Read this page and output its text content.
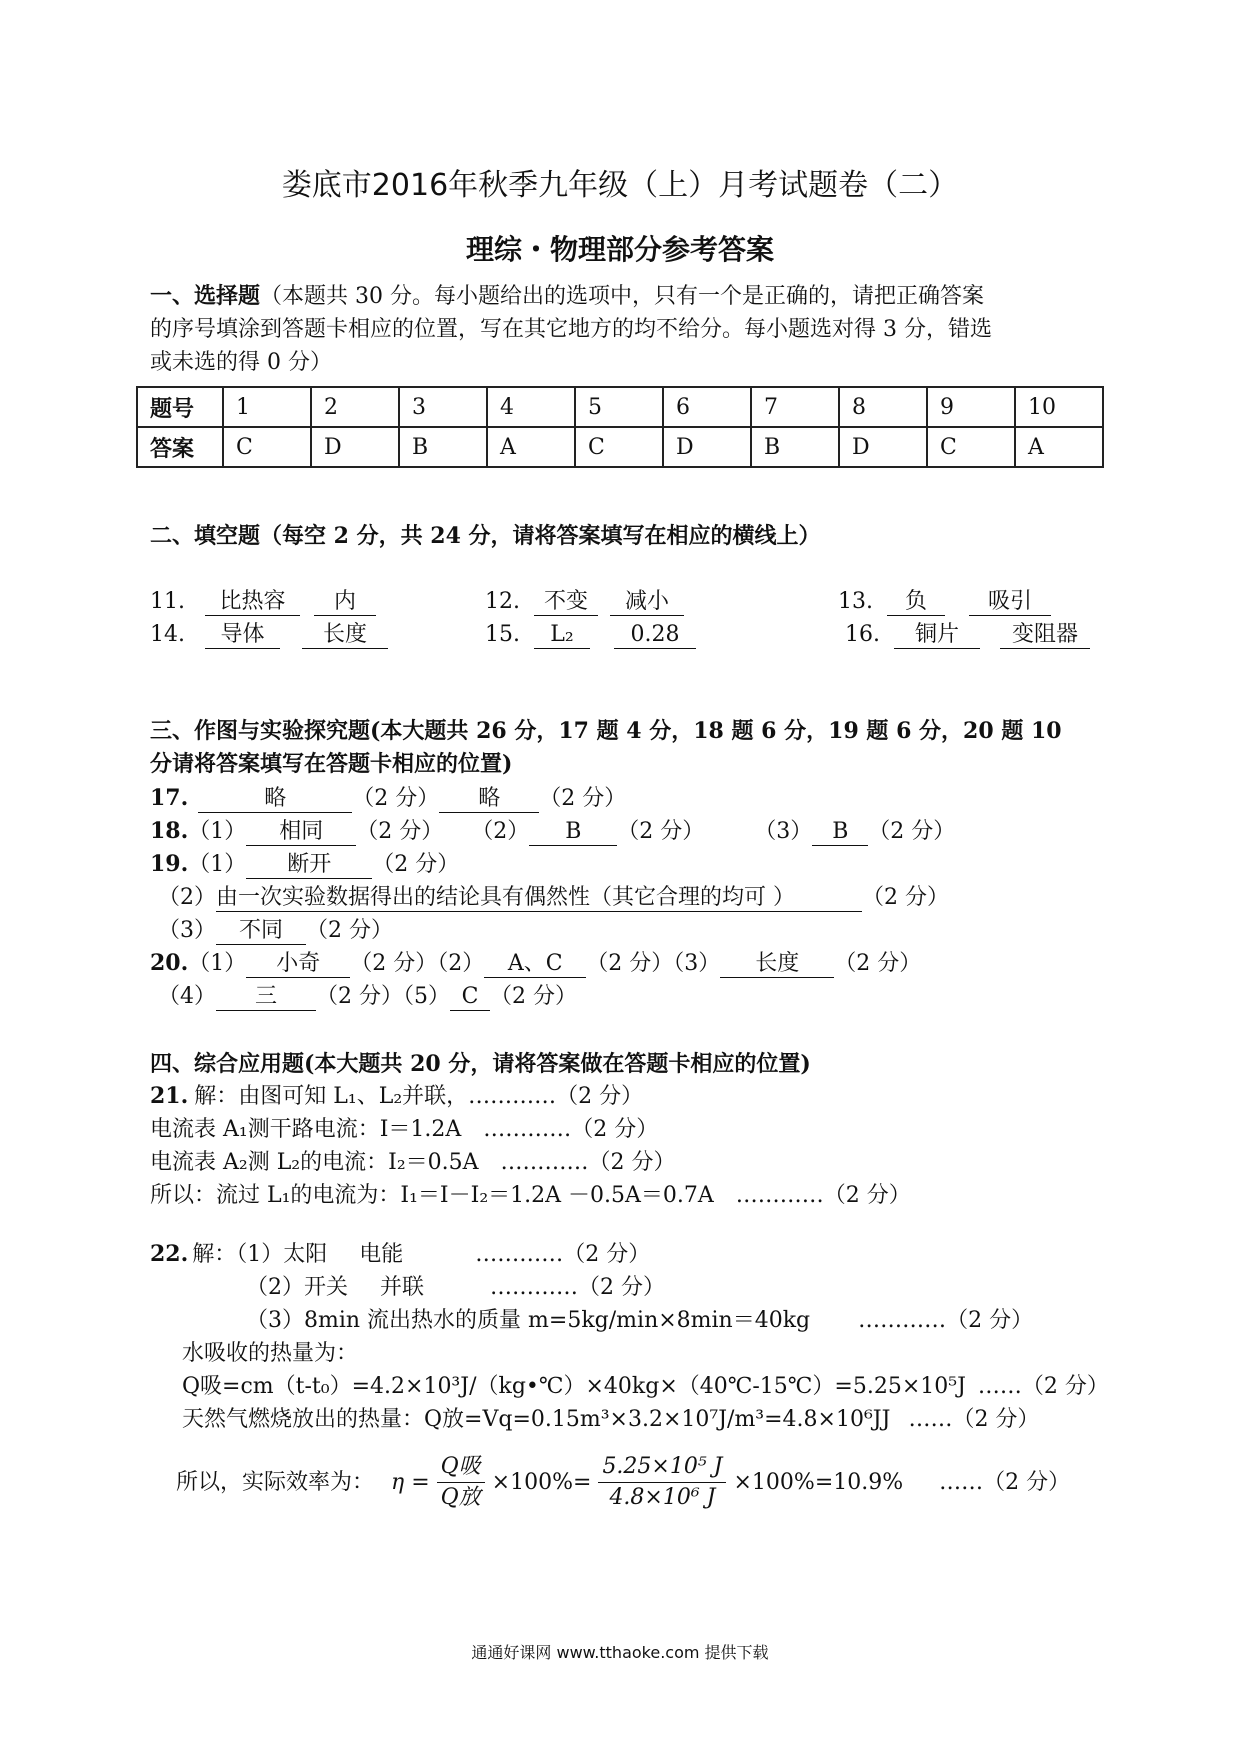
娄底市2016年秋季九年级（上）月考试题卷（二）
理综・物理部分参考答案
一、选择题（本题共 30 分。每小题给出的选项中，只有一个是正确的，请把正确答案
的序号填涂到答题卡相应的位置，写在其它地方的均不给分。每小题选对得 3 分，错选
或未选的得 0 分）
题号	1	2	3	4	5	6	7	8	9	10
答案	C	D	B	A	C	D	B	D	C	A
二、填空题（每空 2 分，共 24 分，请将答案填写在相应的横线上）
11. 比热容 内	12. 不变 减小	13. 负	吸引
14. 导体	长度	15. L₂	0.28	16. 铜片 变阻器
三、作图与实验探究题(本大题共 26 分，17 题 4 分，18 题 6 分，19 题 6 分，20 题 10
分请将答案填写在答题卡相应的位置)
17.	略	（2 分） 略 （2 分）
18.（1） 相同 （2 分） （2） B （2 分） （3） B （2 分）
19.（1） 断开 （2 分）
（2）由一次实验数据得出的结论具有偶然性（其它合理的均可 ）	（2 分）
（3） 不同 （2 分）
20.（1） 小奇 （2 分）（2） A、C （2 分）（3） 长度 （2 分）
（4） 三 （2 分）（5） C （2 分）
四、综合应用题(本大题共 20 分，请将答案做在答题卡相应的位置)
21. 解：由图可知 L₁、L₂并联，…………（2 分）
电流表 A₁测干路电流：I＝1.2A …………（2 分）
电流表 A₂测 L₂的电流：I₂＝0.5A …………（2 分）
所以：流过 L₁的电流为：I₁＝I－I₂＝1.2A －0.5A＝0.7A …………（2 分）
22. 解：（1）太阳 电能	…………（2 分）
（2）开关 并联	…………（2 分）
（3）8min 流出热水的质量 m=5kg/min×8min＝40kg …………（2 分）
水吸收的热量为：
Q吸=cm（t-t₀）=4.2×10³J/（kg•℃）×40kg×（40℃-15℃）=5.25×10⁵J ……（2 分）
天然气燃烧放出的热量：Q放=Vq=0.15m³×3.2×10⁷J/m³=4.8×10⁶JJ ……（2 分）
所以，实际效率为： $\eta = \frac{\text{Q吸}}{\text{Q放}} \times 100\%= \frac{\text{5.25×10⁵ J}}{\text{4.8×10⁶ J}} \times 100\%=10.9\%$ ……（2 分）
通通好课网 www.tthaoke.com 提供下载
